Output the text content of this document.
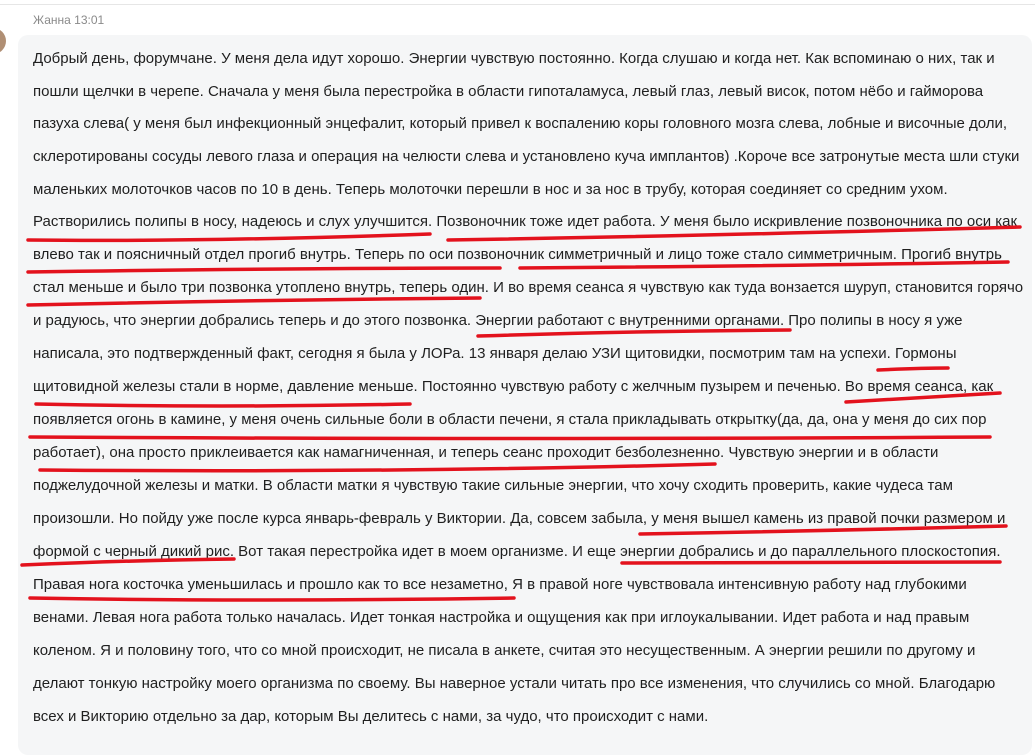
Жанна 13:01
Добрый день, форумчане. У меня дела идут хорошо. Энергии чувствую постоянно. Когда слушаю и когда нет. Как вспоминаю о них, так и
пошли щелчки в черепе. Сначала у меня была перестройка в области гипоталамуса, левый глаз, левый висок, потом нёбо и гайморова
пазуха слева( у меня был инфекционный энцефалит, который привел к воспалению коры головного мозга слева, лобные и височные доли,
склеротированы сосуды левого глаза и операция на челюсти слева и установлено куча имплантов) .Короче все затронутые места шли стуки
маленьких молоточков часов по 10 в день. Теперь молоточки перешли в нос и за нос в трубу, которая соединяет со средним ухом.
Растворились полипы в носу, надеюсь и слух улучшится. Позвоночник тоже идет работа. У меня было искривление позвоночника по оси как
влево так и поясничный отдел прогиб внутрь. Теперь по оси позвоночник симметричный и лицо тоже стало симметричным. Прогиб внутрь
стал меньше и было три позвонка утоплено внутрь, теперь один. И во время сеанса я чувствую как туда вонзается шуруп, становится горячо
и радуюсь, что энергии добрались теперь и до этого позвонка. Энергии работают с внутренними органами. Про полипы в носу я уже
написала, это подтвержденный факт, сегодня я была у ЛОРа. 13 января делаю УЗИ щитовидки, посмотрим там на успехи. Гормоны
щитовидной железы стали в норме, давление меньше. Постоянно чувствую работу с желчным пузырем и печенью. Во время сеанса, как
появляется огонь в камине, у меня очень сильные боли в области печени, я стала прикладывать открытку(да, да, она у меня до сих пор
работает), она просто приклеивается как намагниченная, и теперь сеанс проходит безболезненно. Чувствую энергии и в области
поджелудочной железы и матки. В области матки я чувствую такие сильные энергии, что хочу сходить проверить, какие чудеса там
произошли. Но пойду уже после курса январь-февраль у Виктории. Да, совсем забыла, у меня вышел камень из правой почки размером и
формой с черный дикий рис. Вот такая перестройка идет в моем организме. И еще энергии добрались и до параллельного плоскостопия.
Правая нога косточка уменьшилась и прошло как то все незаметно, Я в правой ноге чувствовала интенсивную работу над глубокими
венами. Левая нога работа только началась. Идет тонкая настройка и ощущения как при иглоукалывании. Идет работа и над правым
коленом. Я и половину того, что со мной происходит, не писала в анкете, считая это несущественным. А энергии решили по другому и
делают тонкую настройку моего организма по своему. Вы наверное устали читать про все изменения, что случились со мной. Благодарю
всех и Викторию отдельно за дар, которым Вы делитесь с нами, за чудо, что происходит с нами.
